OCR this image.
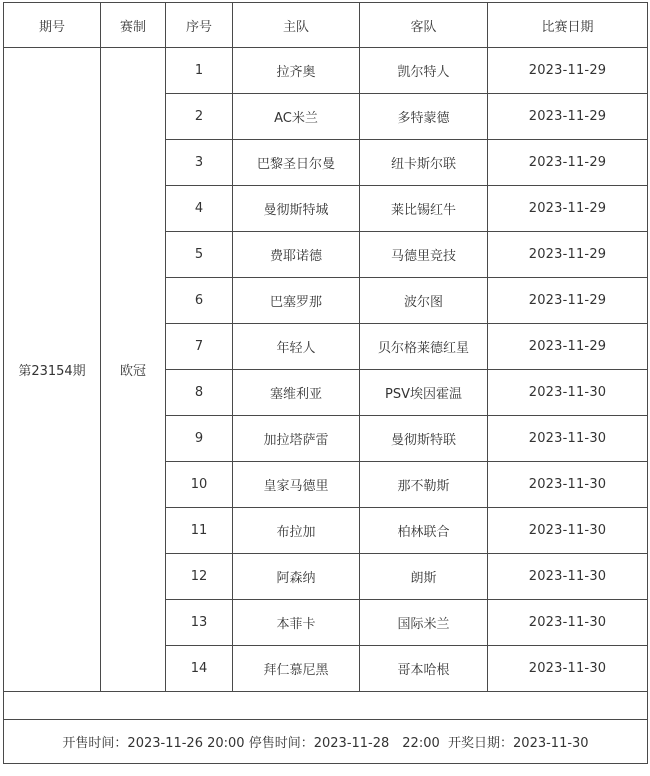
期号	赛制	序号	主队	客队	比赛日期
第23154期	欧冠	1	拉齐奥	凯尔特人	2023-11-29
		2	AC米兰	多特蒙德	2023-11-29
		3	巴黎圣日尔曼	纽卡斯尔联	2023-11-29
		4	曼彻斯特城	莱比锡红牛	2023-11-29
		5	费耶诺德	马德里竞技	2023-11-29
		6	巴塞罗那	波尔图	2023-11-29
		7	年轻人	贝尔格莱德红星	2023-11-29
		8	塞维利亚	PSV埃因霍温	2023-11-30
		9	加拉塔萨雷	曼彻斯特联	2023-11-30
		10	皇家马德里	那不勒斯	2023-11-30
		11	布拉加	柏林联合	2023-11-30
		12	阿森纳	朗斯	2023-11-30
		13	本菲卡	国际米兰	2023-11-30
		14	拜仁慕尼黑	哥本哈根	2023-11-30

开售时间：2023-11-26 20:00 停售时间：2023-11-28　22:00 开奖日期：2023-11-30					
